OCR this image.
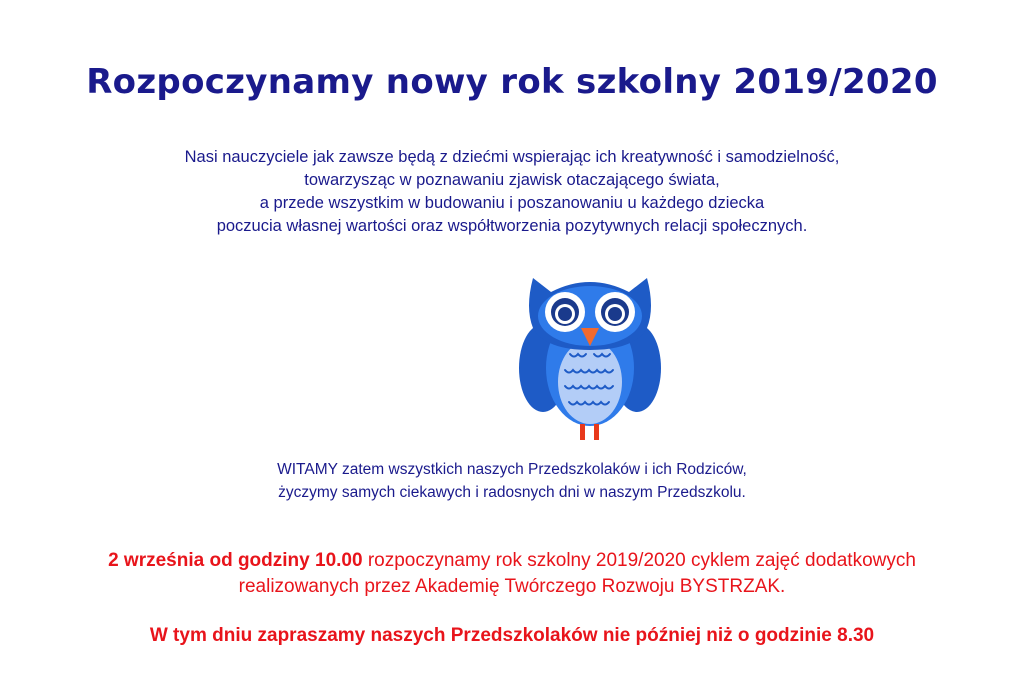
Rozpoczynamy nowy rok szkolny 2019/2020
Nasi nauczyciele jak zawsze będą z dziećmi wspierając ich kreatywność i samodzielność,
towarzysząc w poznawaniu zjawisk otaczającego świata,
a przede wszystkim w budowaniu i poszanowaniu u każdego dziecka
poczucia własnej wartości oraz współtworzenia pozytywnych relacji społecznych.
WITAMY zatem wszystkich naszych Przedszkolaków i ich Rodziców,
życzymy samych ciekawych i radosnych dni w naszym Przedszkolu.
2 września od godziny 10.00 rozpoczynamy rok szkolny 2019/2020 cyklem zajęć dodatkowych
realizowanych przez Akademię Twórczego Rozwoju BYSTRZAK.
W tym dniu zapraszamy naszych Przedszkolaków nie później niż o godzinie 8.30
